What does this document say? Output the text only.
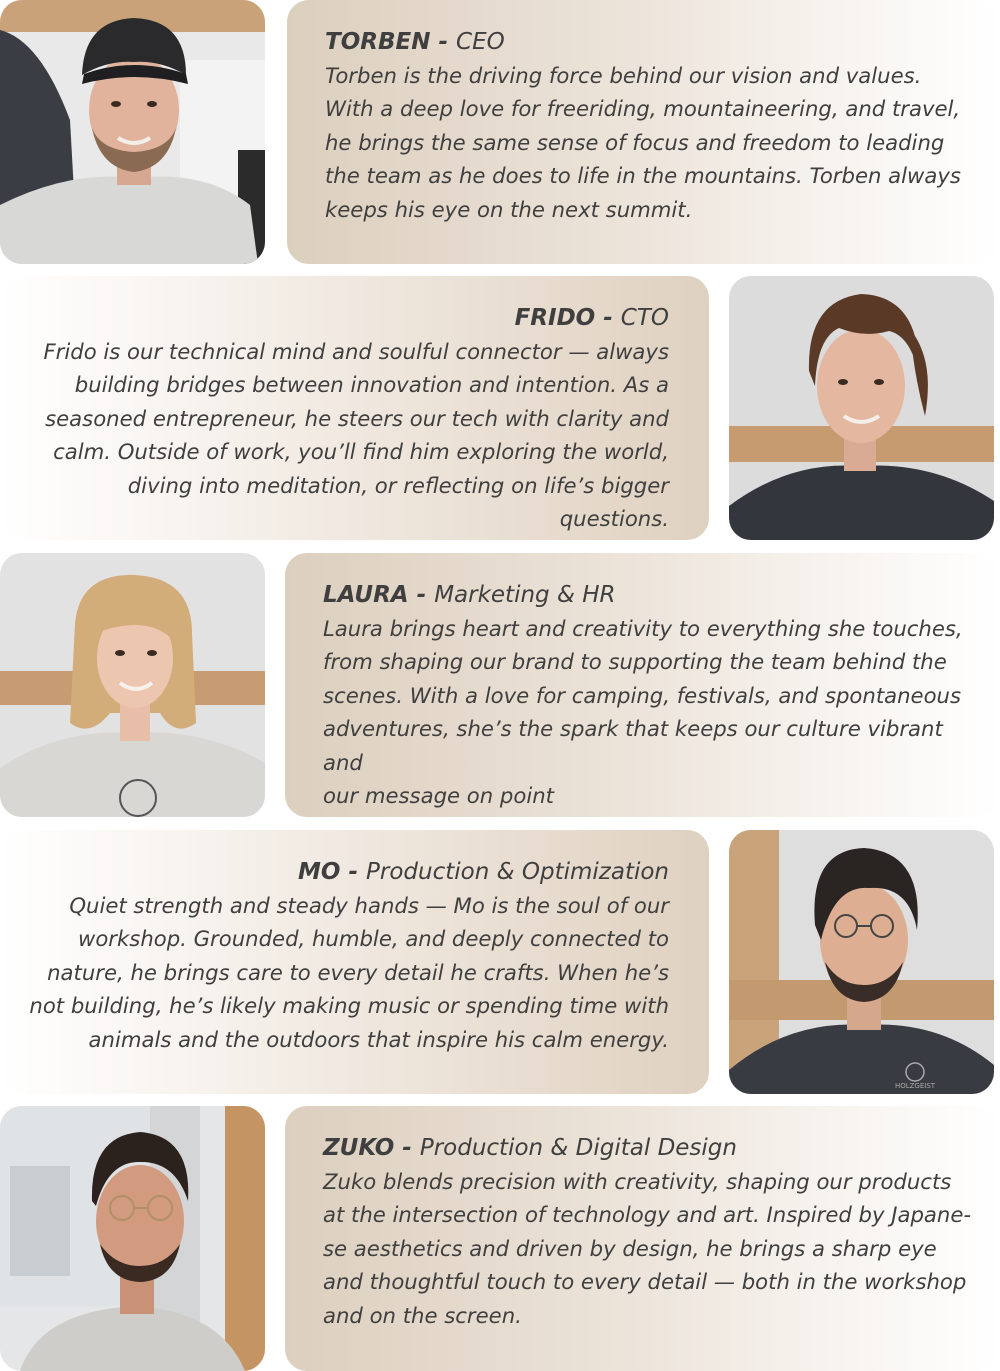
TORBEN - CEO

Torben is the driving force behind our vision and values.
With a deep love for freeriding, mountaineering, and travel,
he brings the same sense of focus and freedom to leading
the team as he does to life in the mountains. Torben always
keeps his eye on the next summit.

FRIDO - CTO

Frido is our technical mind and soulful connector — always
building bridges between innovation and intention. As a
seasoned entrepreneur, he steers our tech with clarity and
calm. Outside of work, you’ll find him exploring the world,
diving into meditation, or reflecting on life’s bigger questions.

LAURA - Marketing & HR

Laura brings heart and creativity to everything she touches,
from shaping our brand to supporting the team behind the
scenes. With a love for camping, festivals, and spontaneous
adventures, she’s the spark that keeps our culture vibrant and
our message on point

MO - Production & Optimization

Quiet strength and steady hands — Mo is the soul of our
workshop. Grounded, humble, and deeply connected to
nature, he brings care to every detail he crafts. When he’s
not building, he’s likely making music or spending time with
animals and the outdoors that inspire his calm energy.

HOLZGEIST

ZUKO - Production & Digital Design

Zuko blends precision with creativity, shaping our products
at the intersection of technology and art. Inspired by Japane-
se aesthetics and driven by design, he brings a sharp eye
and thoughtful touch to every detail — both in the workshop
and on the screen.
